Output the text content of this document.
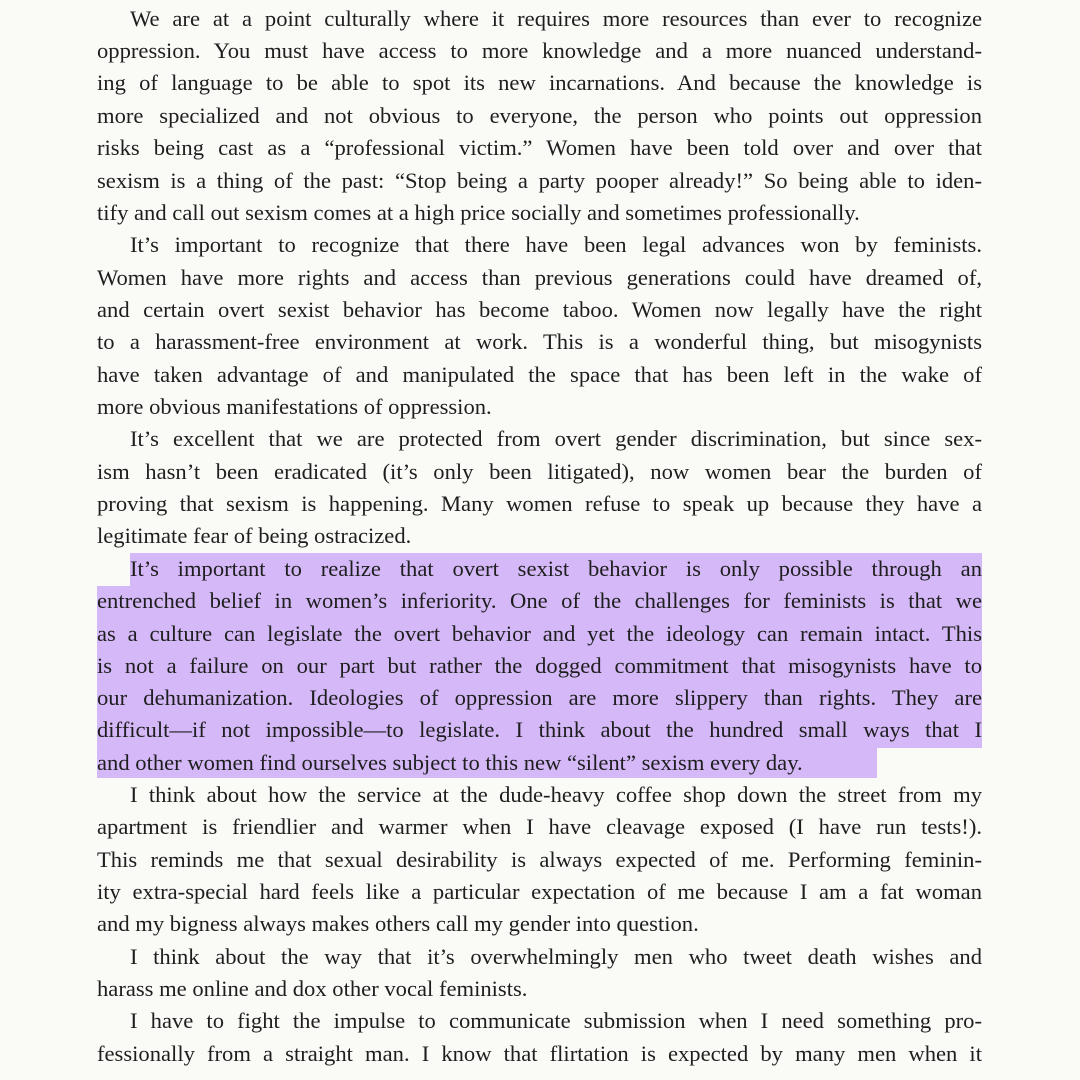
We are at a point culturally where it requires more resources than ever to recognize
oppression. You must have access to more knowledge and a more nuanced understand-
ing of language to be able to spot its new incarnations. And because the knowledge is
more specialized and not obvious to everyone, the person who points out oppression
risks being cast as a “professional victim.” Women have been told over and over that
sexism is a thing of the past: “Stop being a party pooper already!” So being able to iden-
tify and call out sexism comes at a high price socially and sometimes professionally.
It’s important to recognize that there have been legal advances won by feminists.
Women have more rights and access than previous generations could have dreamed of,
and certain overt sexist behavior has become taboo. Women now legally have the right
to a harassment-free environment at work. This is a wonderful thing, but misogynists
have taken advantage of and manipulated the space that has been left in the wake of
more obvious manifestations of oppression.
It’s excellent that we are protected from overt gender discrimination, but since sex-
ism hasn’t been eradicated (it’s only been litigated), now women bear the burden of
proving that sexism is happening. Many women refuse to speak up because they have a
legitimate fear of being ostracized.
It’s important to realize that overt sexist behavior is only possible through an
entrenched belief in women’s inferiority. One of the challenges for feminists is that we
as a culture can legislate the overt behavior and yet the ideology can remain intact. This
is not a failure on our part but rather the dogged commitment that misogynists have to
our dehumanization. Ideologies of oppression are more slippery than rights. They are
difficult—if not impossible—to legislate. I think about the hundred small ways that I
and other women find ourselves subject to this new “silent” sexism every day.
I think about how the service at the dude-heavy coffee shop down the street from my
apartment is friendlier and warmer when I have cleavage exposed (I have run tests!).
This reminds me that sexual desirability is always expected of me. Performing feminin-
ity extra-special hard feels like a particular expectation of me because I am a fat woman
and my bigness always makes others call my gender into question.
I think about the way that it’s overwhelmingly men who tweet death wishes and
harass me online and dox other vocal feminists.
I have to fight the impulse to communicate submission when I need something pro-
fessionally from a straight man. I know that flirtation is expected by many men when it
